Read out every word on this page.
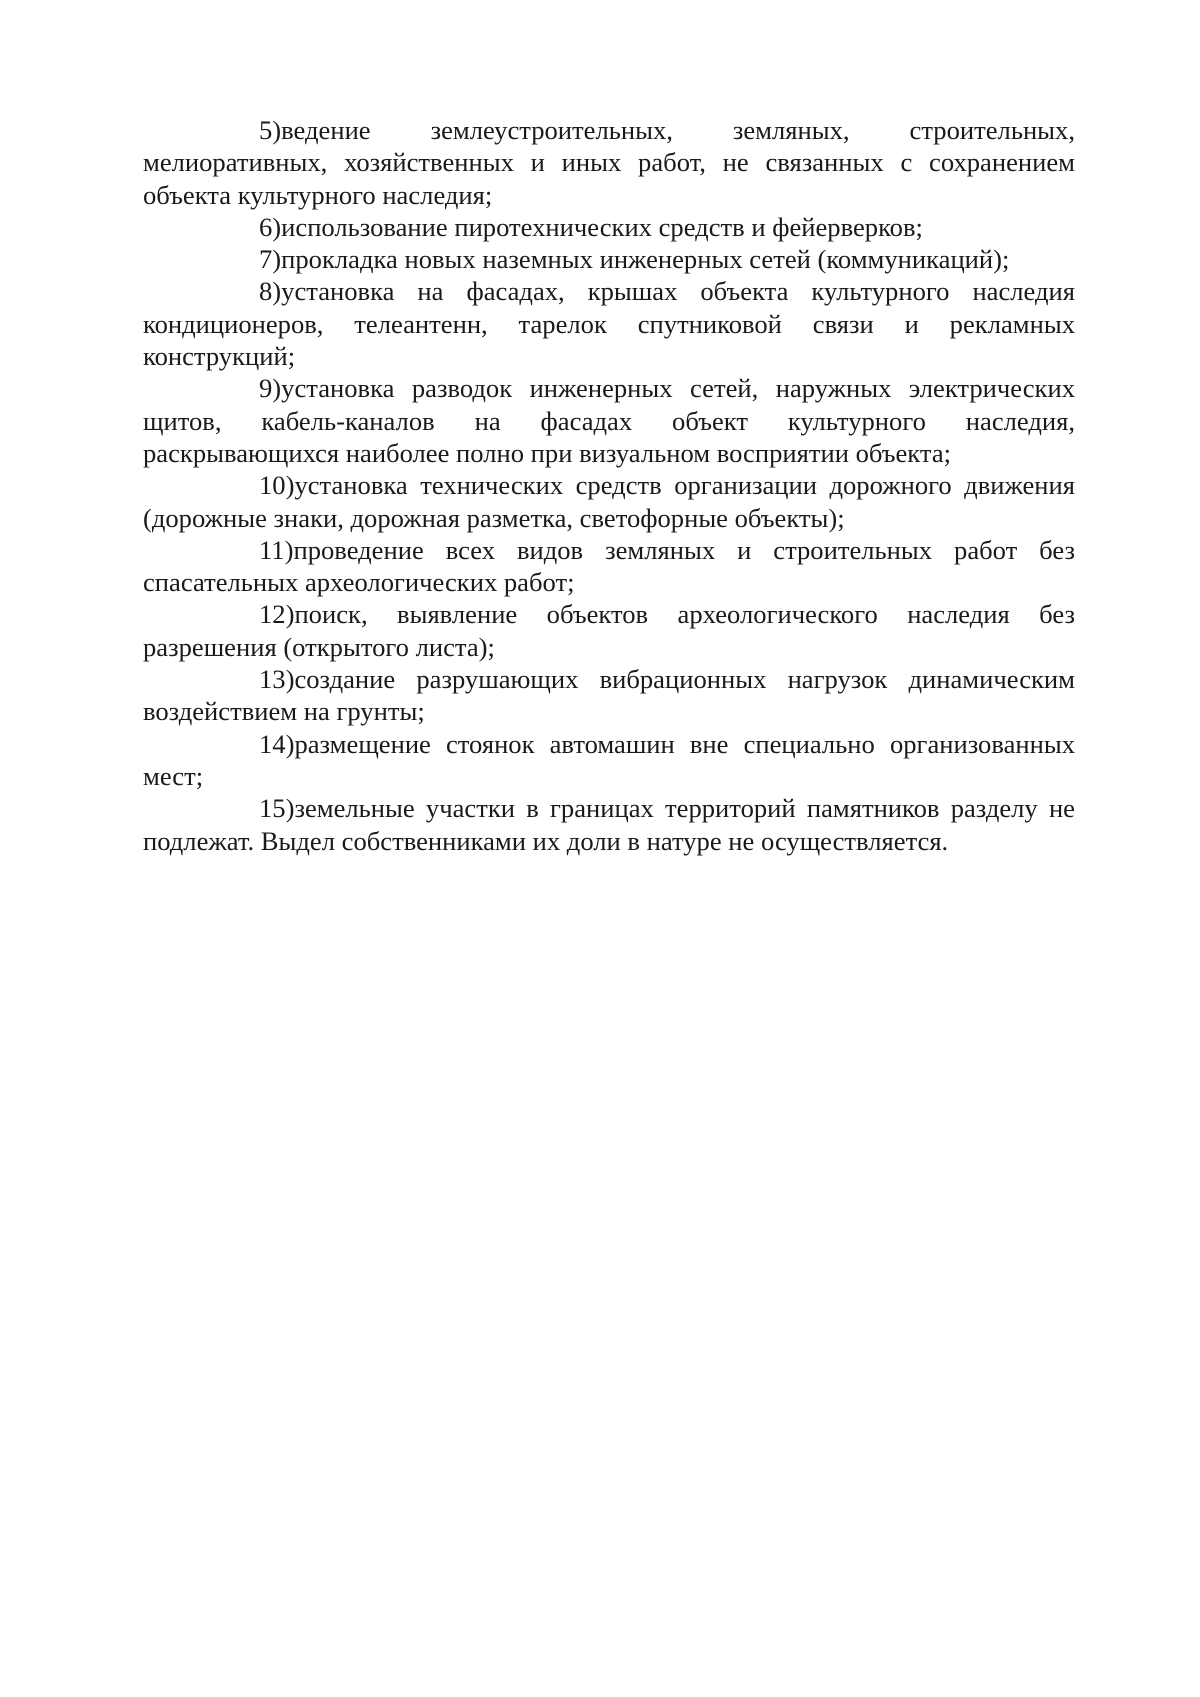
5)ведение землеустроительных, земляных, строительных, мелиоративных, хозяйственных и иных работ, не связанных с сохранением объекта культурного наследия;

6)использование пиротехнических средств и фейерверков;

7)прокладка новых наземных инженерных сетей (коммуникаций);

8)установка на фасадах, крышах объекта культурного наследия кондиционеров, телеантенн, тарелок спутниковой связи и рекламных конструкций;

9)установка разводок инженерных сетей, наружных электрических щитов, кабель-каналов на фасадах объект культурного наследия, раскрывающихся наиболее полно при визуальном восприятии объекта;

10)установка технических средств организации дорожного движения (дорожные знаки, дорожная разметка, светофорные объекты);

11)проведение всех видов земляных и строительных работ без спасательных археологических работ;

12)поиск, выявление объектов археологического наследия без разрешения (открытого листа);

13)создание разрушающих вибрационных нагрузок динамическим воздействием на грунты;

14)размещение стоянок автомашин вне специально организованных мест;

15)земельные участки в границах территорий памятников разделу не подлежат. Выдел собственниками их доли в натуре не осуществляется.
